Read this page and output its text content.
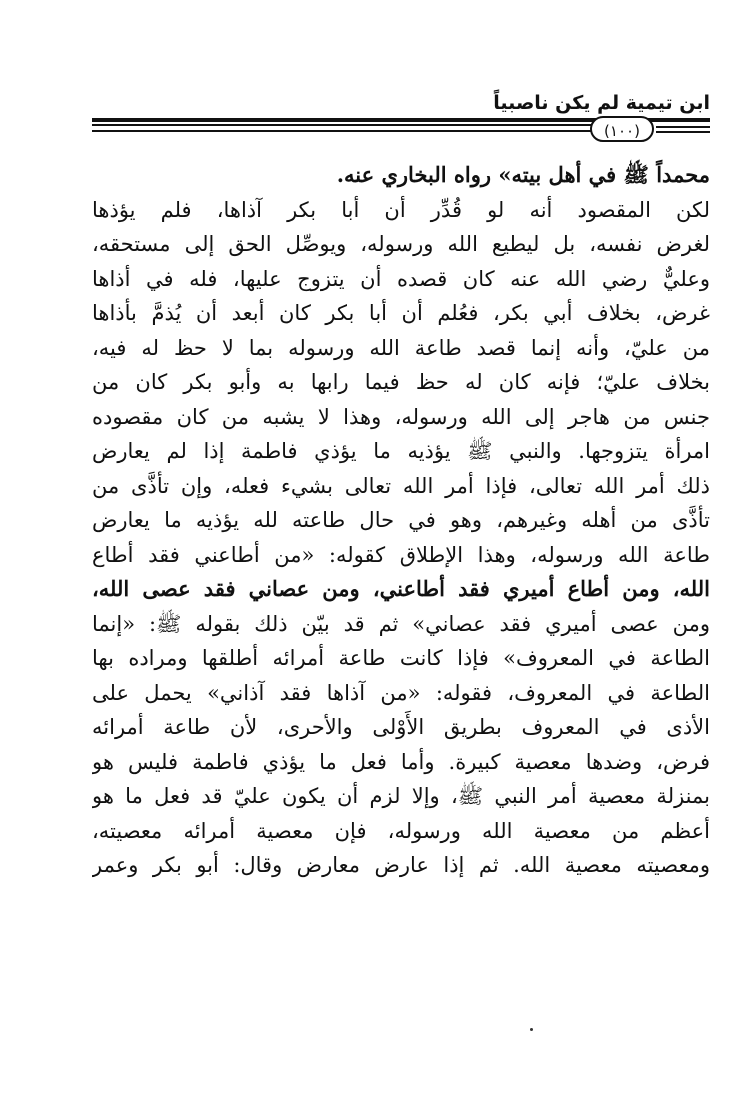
ابن تيمية لم يكن ناصبياً
(١٠٠)
محمداً ﷺ في أهل بيته» رواه البخاري عنه.
لكن المقصود أنه لو قُدِّر أن أبا بكر آذاها، فلم يؤذها
لغرض نفسه، بل ليطيع الله ورسوله، ويوصِّل الحق إلى مستحقه،
وعليٌّ رضي الله عنه كان قصده أن يتزوج عليها، فله في أذاها
غرض، بخلاف أبي بكر، فعُلم أن أبا بكر كان أبعد أن يُذمَّ بأذاها
من عليّ، وأنه إنما قصد طاعة الله ورسوله بما لا حظ له فيه،
بخلاف عليّ؛ فإنه كان له حظ فيما رابها به وأبو بكر كان من
جنس من هاجر إلى الله ورسوله، وهذا لا يشبه من كان مقصوده
امرأة يتزوجها. والنبي ﷺ يؤذيه ما يؤذي فاطمة إذا لم يعارض
ذلك أمر الله تعالى، فإذا أمر الله تعالى بشيء فعله، وإن تأذَّى من
تأذَّى من أهله وغيرهم، وهو في حال طاعته لله يؤذيه ما يعارض
طاعة الله ورسوله، وهذا الإطلاق كقوله: «من أطاعني فقد أطاع
الله، ومن أطاع أميري فقد أطاعني، ومن عصاني فقد عصى الله،
ومن عصى أميري فقد عصاني» ثم قد بيّن ذلك بقوله ﷺ: «إنما
الطاعة في المعروف» فإذا كانت طاعة أمرائه أطلقها ومراده بها
الطاعة في المعروف، فقوله: «من آذاها فقد آذاني» يحمل على
الأذى في المعروف بطريق الأَوْلى والأحرى، لأن طاعة أمرائه
فرض، وضدها معصية كبيرة. وأما فعل ما يؤذي فاطمة فليس هو
بمنزلة معصية أمر النبي ﷺ، وإلا لزم أن يكون عليّ قد فعل ما هو
أعظم من معصية الله ورسوله، فإن معصية أمرائه معصيته،
ومعصيته معصية الله. ثم إذا عارض معارض وقال: أبو بكر وعمر
